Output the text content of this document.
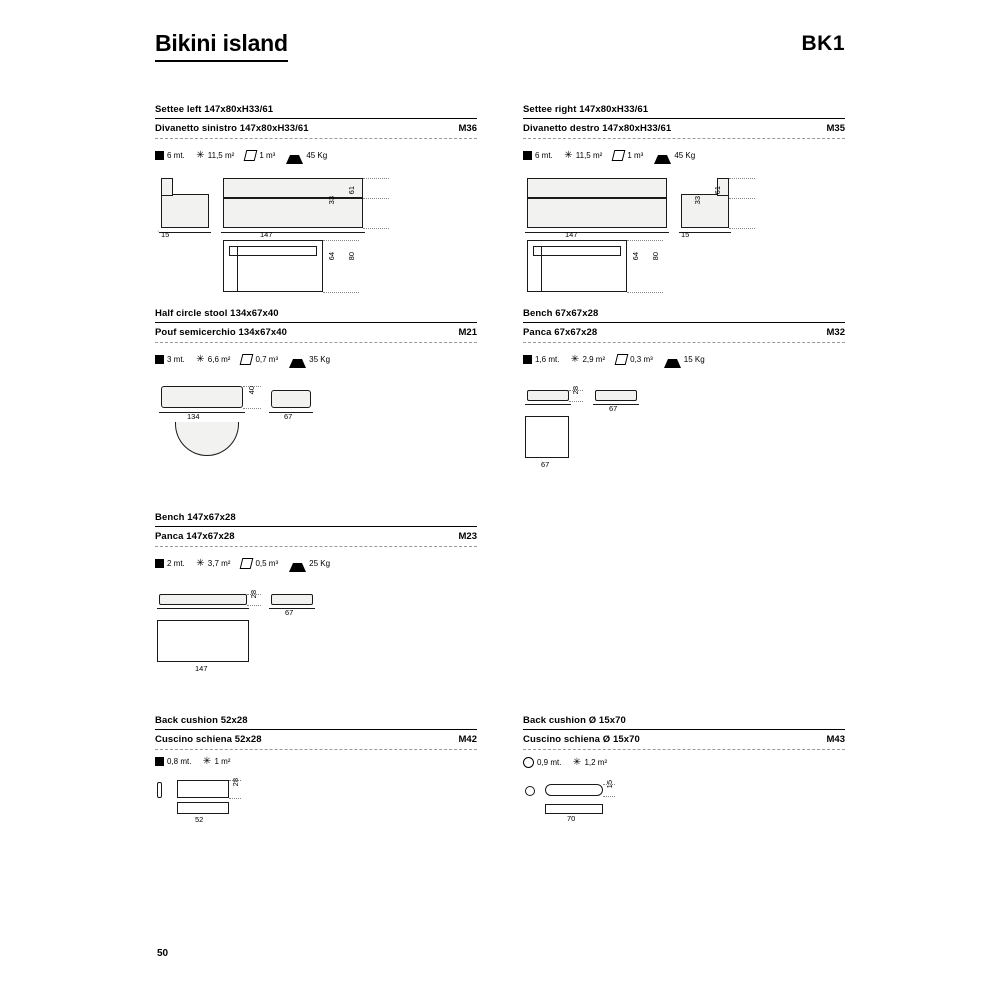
Bikini island	BK1
Settee left 147x80xH33/61
Divanetto sinistro 147x80xH33/61	M36
6 mt. ✳ 11,5 m²	1 m³	45 Kg
·
33
61
64 80
15	147
Settee right 147x80xH33/61
Divanetto destro 147x80xH33/61	M35
6 mt. ✳ 11,5 m²	1 m³	45 Kg
33
61
64 80
147	15
Half circle stool 134x67x40
Pouf semicerchio 134x67x40	M21
3 mt. ✳ 6,6 m²	0,7 m³	35 Kg
40
134	67
Bench 67x67x28
Panca 67x67x28	M32
1,6 mt. ✳ 2,9 m²	0,3 m³	15 Kg
28
67
67
Bench 147x67x28
Panca 147x67x28	M23
2 mt. ✳ 3,7 m²	0,5 m³	25 Kg
28
67
147
Back cushion 52x28
Cuscino schiena 52x28	M42
0,8 mt. ✳ 1 m²
28
52
Back cushion Ø 15x70
Cuscino schiena Ø 15x70	M43
0,9 mt. ✳ 1,2 m²
15
70
50
